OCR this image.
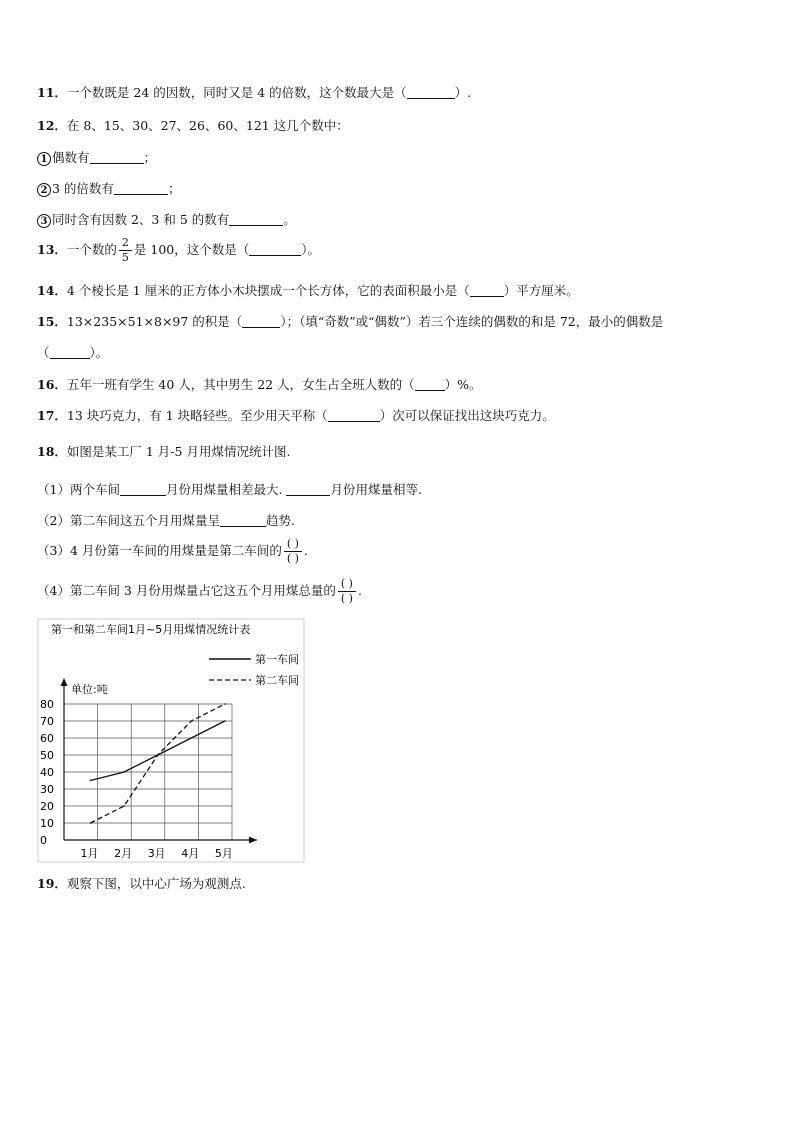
11．一个数既是 24 的因数，同时又是 4 的倍数，这个数最大是（	）.
12．在 8、15、30、27、26、60、121 这几个数中：
1 偶数有	；
2 3 的倍数有	；
3 同时含有因数 2、3 和 5 的数有	。
13．一个数的 $\frac{2}{5}$ 是 100，这个数是（	）。
14．4 个棱长是 1 厘米的正方体小木块摆成一个长方体，它的表面积最小是（	）平方厘米。
15．13×235×51×8×97 的积是（	）；（填“奇数”或“偶数”）若三个连续的偶数的和是 72，最小的偶数是
（	）。
16．五年一班有学生 40 人，其中男生 22 人，女生占全班人数的（ ）%。
17．13 块巧克力，有 1 块略轻些。至少用天平称（	）次可以保证找出这块巧克力。
18．如图是某工厂 1 月-5 月用煤情况统计图.
（1）两个车间	月份用煤量相差最大.	月份用煤量相等.
（2）第二车间这五个月用煤量呈	趋势.
（3）4 月份第一车间的用煤量是第二车间的 $\frac{( )}{( )}$ .
（4）第二车间 3 月份用煤量占它这五个月用煤总量的 $\frac{( )}{( )}$ .
第一和第二车间1月~5月用煤情况统计表
第一车间
第二车间
单位:吨
0
10
20
30
40
50
60
70
80
1月 2月 3月 4月 5月
19．观察下图，以中心广场为观测点.
